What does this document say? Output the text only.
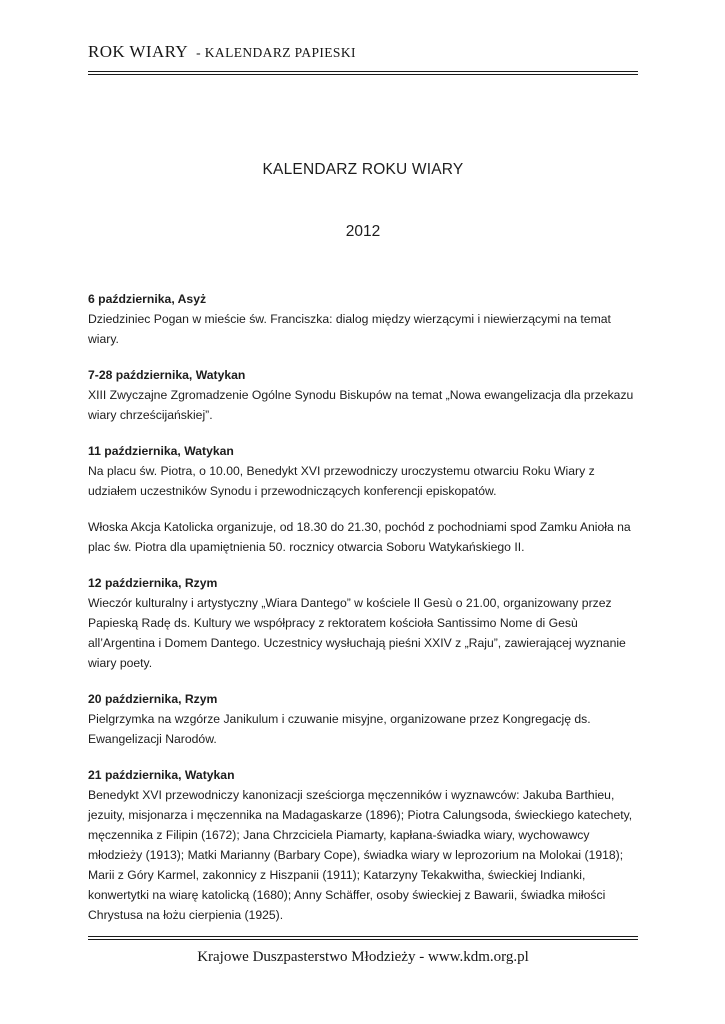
ROK WIARY - KALENDARZ PAPIESKI
KALENDARZ ROKU WIARY
2012

6 października, Asyż

Dziedziniec Pogan w mieście św. Franciszka: dialog między wierzącymi i niewierzącymi na temat wiary.

7-28 października, Watykan

XIII Zwyczajne Zgromadzenie Ogólne Synodu Biskupów na temat „Nowa ewangelizacja dla przekazu wiary chrześcijańskiej”.

11 października, Watykan

Na placu św. Piotra, o 10.00, Benedykt XVI przewodniczy uroczystemu otwarciu Roku Wiary z udziałem uczestników Synodu i przewodniczących konferencji episkopatów.

Włoska Akcja Katolicka organizuje, od 18.30 do 21.30, pochód z pochodniami spod Zamku Anioła na plac św. Piotra dla upamiętnienia 50. rocznicy otwarcia Soboru Watykańskiego II.

12 października, Rzym

Wieczór kulturalny i artystyczny „Wiara Dantego” w kościele Il Gesù o 21.00, organizowany przez Papieską Radę ds. Kultury we współpracy z rektoratem kościoła Santissimo Nome di Gesù all’Argentina i Domem Dantego. Uczestnicy wysłuchają pieśni XXIV z „Raju”, zawierającej wyznanie wiary poety.

20 października, Rzym

Pielgrzymka na wzgórze Janikulum i czuwanie misyjne, organizowane przez Kongregację ds. Ewangelizacji Narodów.

21 października, Watykan

Benedykt XVI przewodniczy kanonizacji sześciorga męczenników i wyznawców: Jakuba Barthieu, jezuity, misjonarza i męczennika na Madagaskarze (1896); Piotra Calungsoda, świeckiego katechety, męczennika z Filipin (1672); Jana Chrzciciela Piamarty, kapłana-świadka wiary, wychowawcy młodzieży (1913); Matki Marianny (Barbary Cope), świadka wiary w leprozorium na Molokai (1918); Marii z Góry Karmel, zakonnicy z Hiszpanii (1911); Katarzyny Tekakwitha, świeckiej Indianki, konwertytki na wiarę katolicką (1680); Anny Schäffer, osoby świeckiej z Bawarii, świadka miłości Chrystusa na łożu cierpienia (1925).

Krajowe Duszpasterstwo Młodzieży - www.kdm.org.pl
